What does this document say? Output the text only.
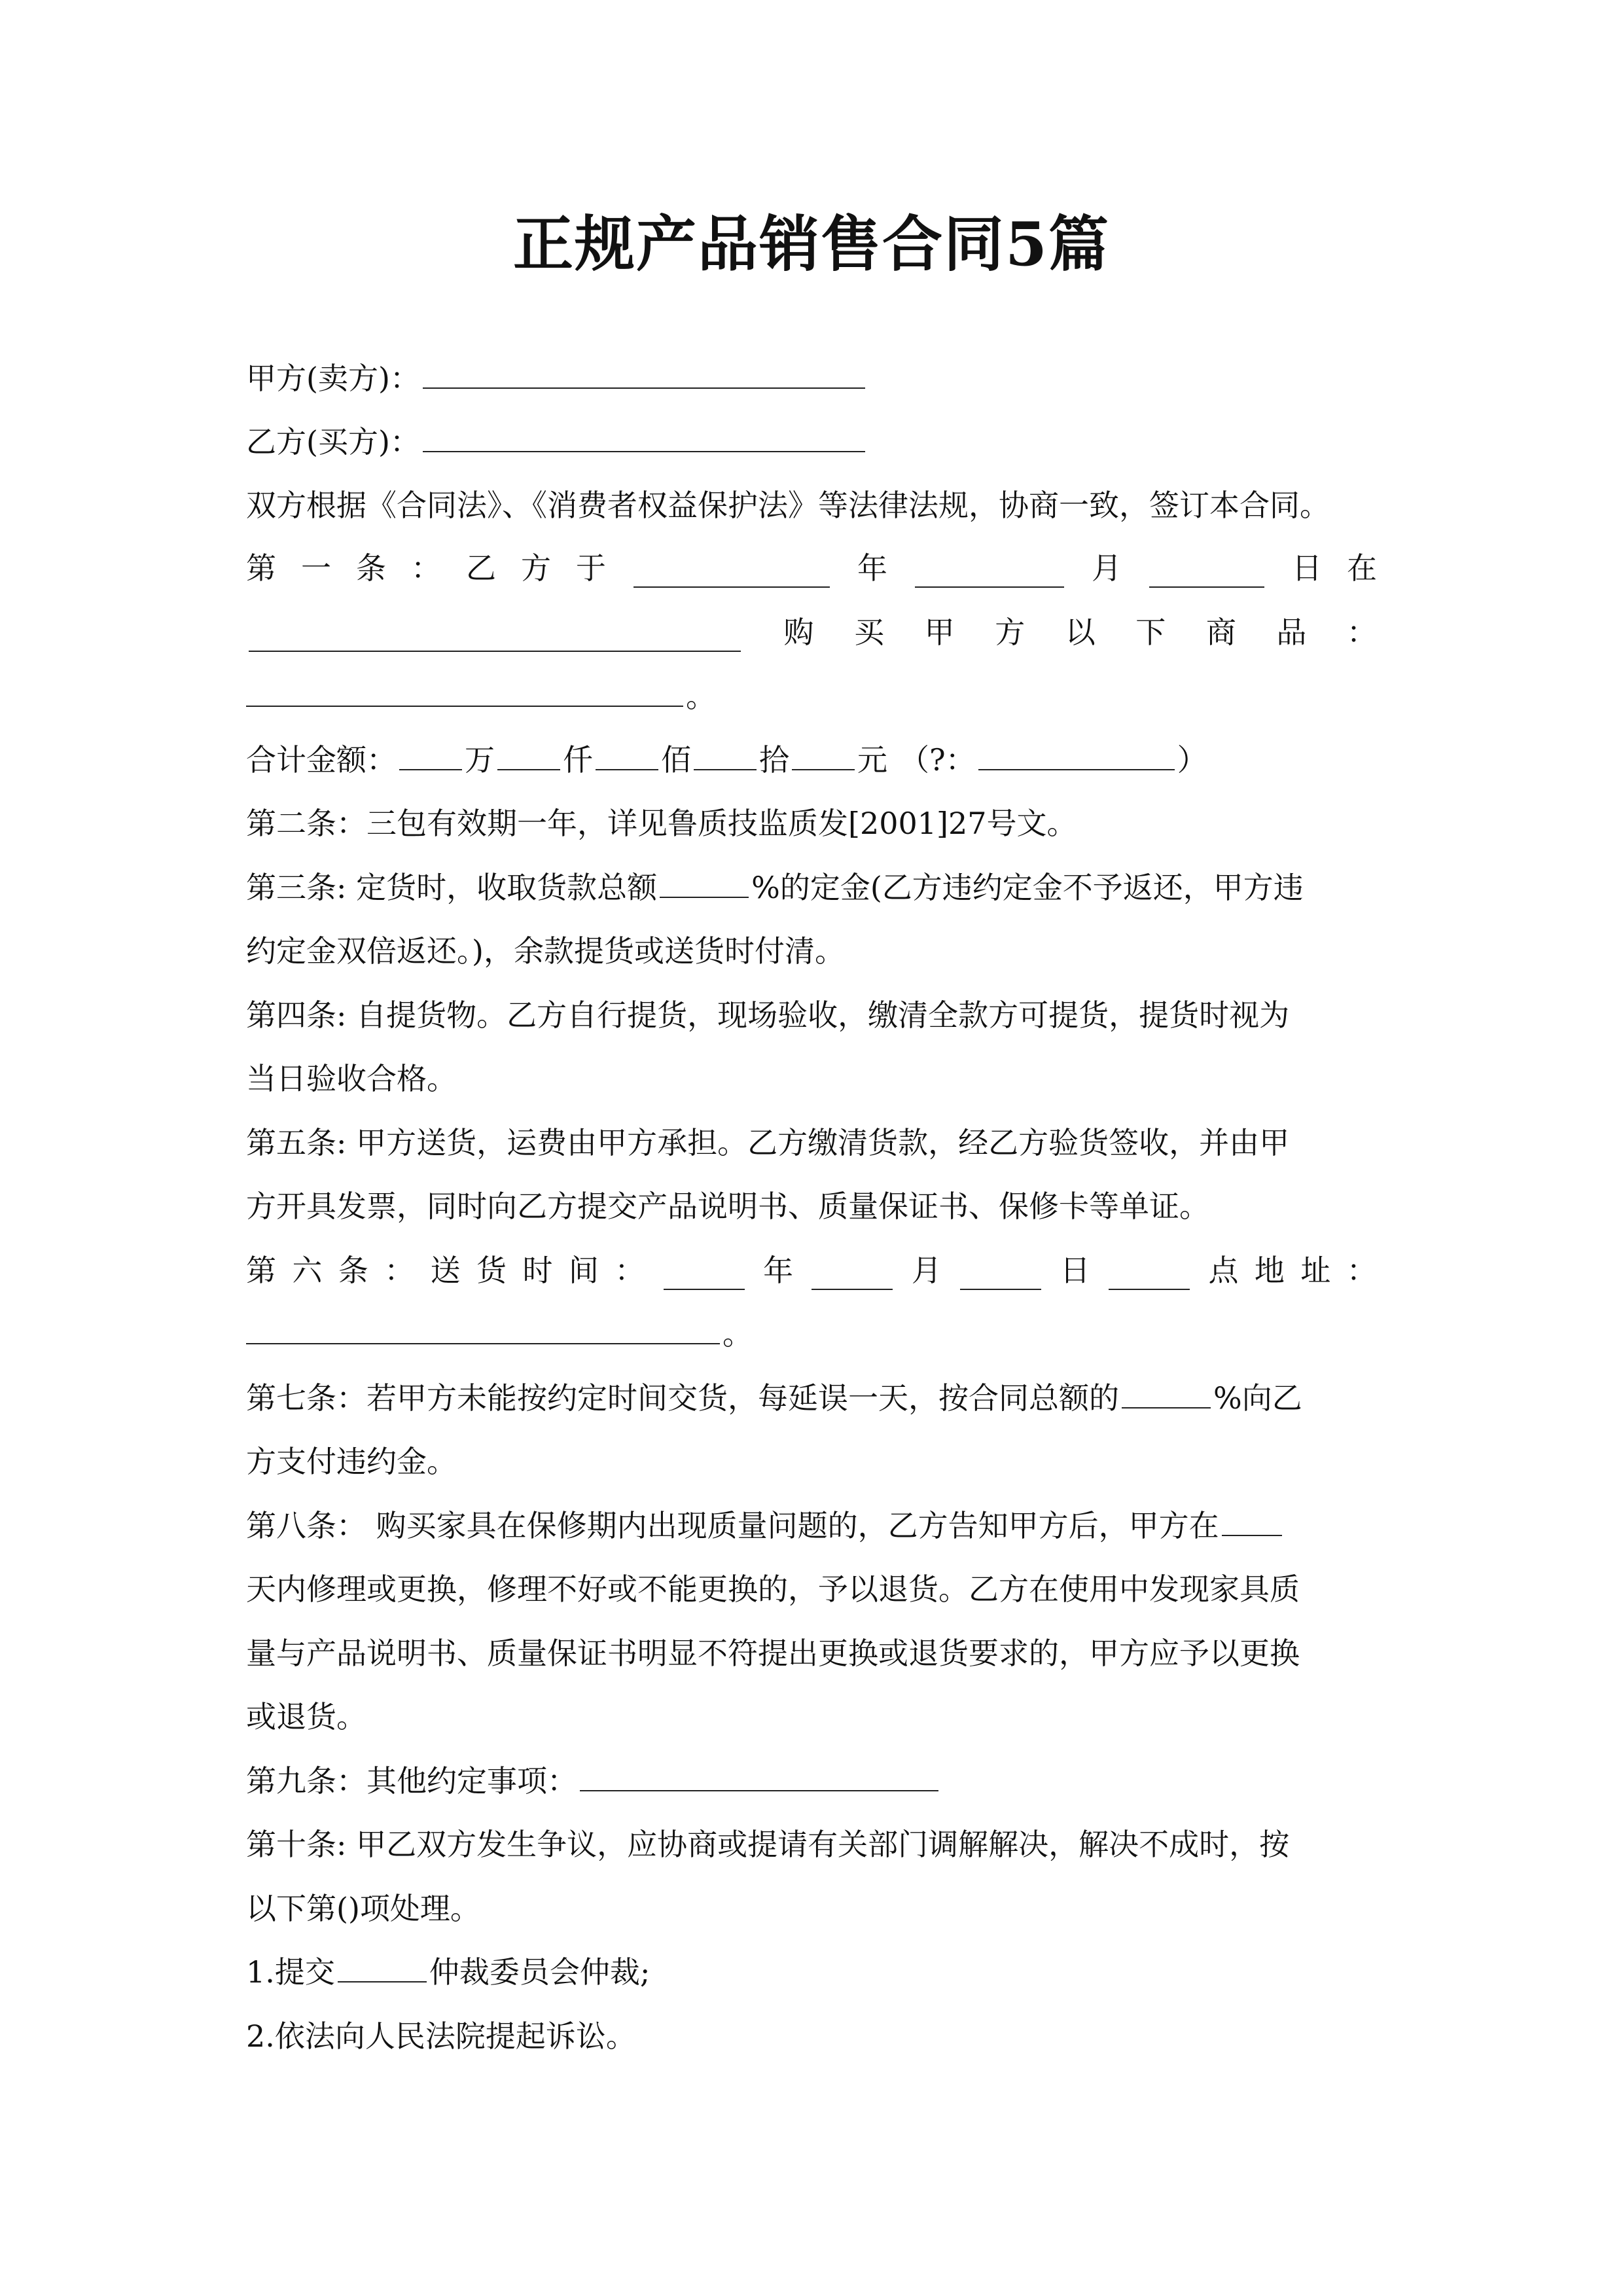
正规产品销售合同5篇
甲方(卖方)：
乙方(买方)：
双方根据《合同法》、《消费者权益保护法》等法律法规，协商一致，签订本合同。
第 一 条 ： 乙 方 于	年	月	日 在
购 买 甲 方 以 下 商 品 ：
。
合计金额： 万 仟 佰 拾 元 （?：	）
第二条：三包有效期一年，详见鲁质技监质发[2001]27号文。
第三条: 定货时，收取货款总额	%的定金(乙方违约定金不予返还，甲方违
约定金双倍返还。)，余款提货或送货时付清。
第四条: 自提货物。乙方自行提货，现场验收，缴清全款方可提货，提货时视为
当日验收合格。
第五条: 甲方送货，运费由甲方承担。乙方缴清货款，经乙方验货签收，并由甲
方开具发票，同时向乙方提交产品说明书、质量保证书、保修卡等单证。
第 六 条 ： 送 货 时 间 ：	年	月	日	点 地 址 ：
。
第七条：若甲方未能按约定时间交货，每延误一天，按合同总额的	%向乙
方支付违约金。
第八条： 购买家具在保修期内出现质量问题的，乙方告知甲方后，甲方在
天内修理或更换，修理不好或不能更换的，予以退货。乙方在使用中发现家具质
量与产品说明书、质量保证书明显不符提出更换或退货要求的，甲方应予以更换
或退货。
第九条：其他约定事项：
第十条: 甲乙双方发生争议，应协商或提请有关部门调解解决，解决不成时，按
以下第()项处理。
1.提交	仲裁委员会仲裁;
2.依法向人民法院提起诉讼。
